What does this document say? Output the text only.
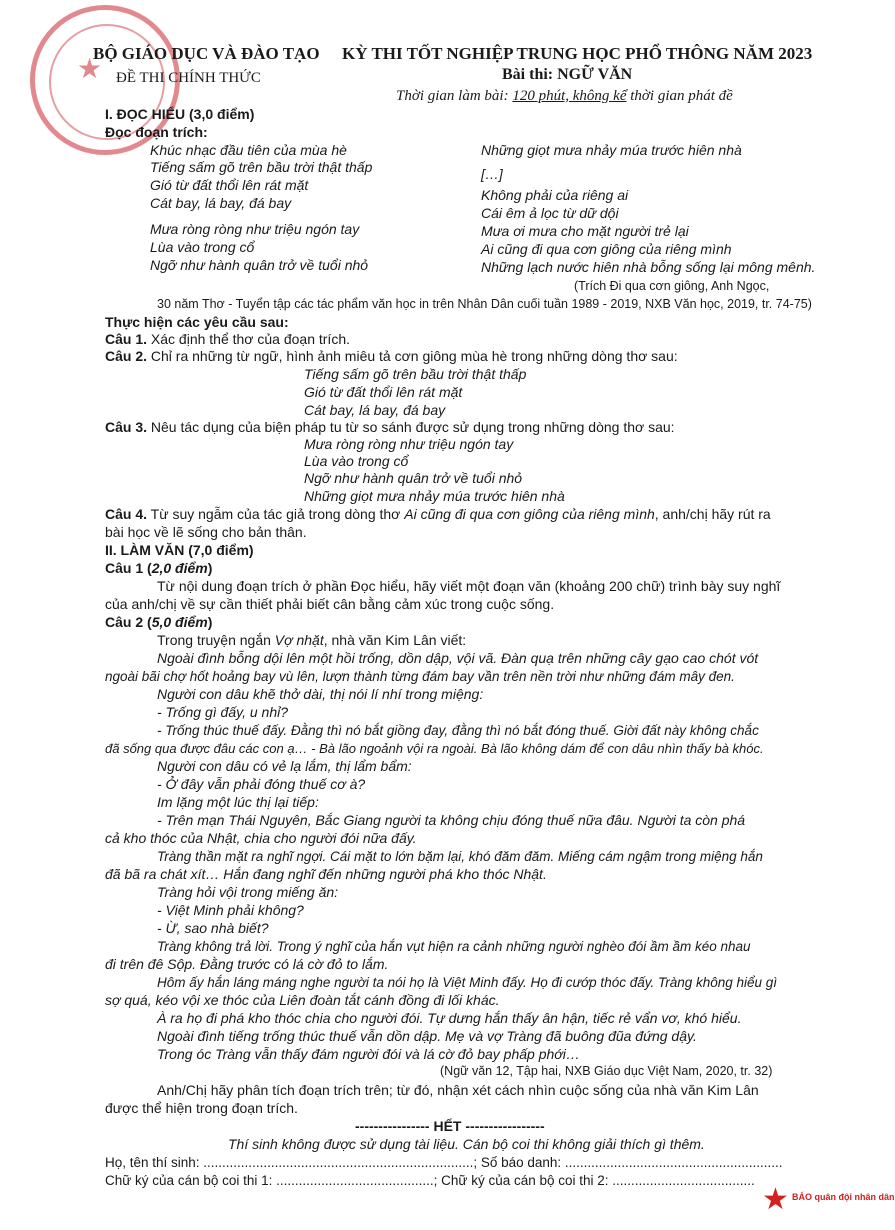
★
BỘ GIÁO DỤC VÀ ĐÀO TẠO
ĐỀ THI CHÍNH THỨC
KỲ THI TỐT NGHIỆP TRUNG HỌC PHỔ THÔNG NĂM 2023
Bài thi: NGỮ VĂN
Thời gian làm bài: 120 phút, không kể thời gian phát đề
I. ĐỌC HIỂU (3,0 điểm)
Đọc đoạn trích:
Khúc nhạc đầu tiên của mùa hè
Tiếng sấm gõ trên bầu trời thật thấp
Gió từ đất thổi lên rát mặt
Cát bay, lá bay, đá bay
Mưa ròng ròng như triệu ngón tay
Lùa vào trong cổ
Ngỡ như hành quân trở về tuổi nhỏ
Những giọt mưa nhảy múa trước hiên nhà
[…]
Không phải của riêng ai
Cái êm ả lọc từ dữ dội
Mưa ơi mưa cho mặt người trẻ lại
Ai cũng đi qua cơn giông của riêng mình
Những lạch nước hiên nhà bỗng sống lại mông mênh.
(Trích Đi qua cơn giông, Anh Ngọc,
30 năm Thơ - Tuyển tập các tác phẩm văn học in trên Nhân Dân cuối tuần 1989 - 2019, NXB Văn học, 2019, tr. 74-75)
Thực hiện các yêu cầu sau:
Câu 1. Xác định thể thơ của đoạn trích.
Câu 2. Chỉ ra những từ ngữ, hình ảnh miêu tả cơn giông mùa hè trong những dòng thơ sau:
Tiếng sấm gõ trên bầu trời thật thấp
Gió từ đất thổi lên rát mặt
Cát bay, lá bay, đá bay
Câu 3. Nêu tác dụng của biện pháp tu từ so sánh được sử dụng trong những dòng thơ sau:
Mưa ròng ròng như triệu ngón tay
Lùa vào trong cổ
Ngỡ như hành quân trở về tuổi nhỏ
Những giọt mưa nhảy múa trước hiên nhà
Câu 4. Từ suy ngẫm của tác giả trong dòng thơ Ai cũng đi qua cơn giông của riêng mình, anh/chị hãy rút ra
bài học về lẽ sống cho bản thân.
II. LÀM VĂN (7,0 điểm)
Câu 1 (2,0 điểm)
Từ nội dung đoạn trích ở phần Đọc hiểu, hãy viết một đoạn văn (khoảng 200 chữ) trình bày suy nghĩ
của anh/chị về sự cần thiết phải biết cân bằng cảm xúc trong cuộc sống.
Câu 2 (5,0 điểm)
Trong truyện ngắn Vợ nhặt, nhà văn Kim Lân viết:
Ngoài đình bỗng dội lên một hồi trống, dồn dập, vội vã. Đàn quạ trên những cây gạo cao chót vót
ngoài bãi chợ hốt hoảng bay vù lên, lượn thành từng đám bay vần trên nền trời như những đám mây đen.
Người con dâu khẽ thở dài, thị nói lí nhí trong miệng:
- Trống gì đấy, u nhỉ?
- Trống thúc thuế đấy. Đằng thì nó bắt giồng đay, đằng thì nó bắt đóng thuế. Giời đất này không chắc
đã sống qua được đâu các con ạ… - Bà lão ngoảnh vội ra ngoài. Bà lão không dám để con dâu nhìn thấy bà khóc.
Người con dâu có vẻ lạ lắm, thị lẩm bẩm:
- Ở đây vẫn phải đóng thuế cơ à?
Im lặng một lúc thị lại tiếp:
- Trên mạn Thái Nguyên, Bắc Giang người ta không chịu đóng thuế nữa đâu. Người ta còn phá
cả kho thóc của Nhật, chia cho người đói nữa đấy.
Tràng thần mặt ra nghĩ ngợi. Cái mặt to lớn bặm lại, khó đăm đăm. Miếng cám ngậm trong miệng hắn
đã bã ra chát xít… Hắn đang nghĩ đến những người phá kho thóc Nhật.
Tràng hỏi vội trong miếng ăn:
- Việt Minh phải không?
- Ừ, sao nhà biết?
Tràng không trả lời. Trong ý nghĩ của hắn vụt hiện ra cảnh những người nghèo đói ầm ầm kéo nhau
đi trên đê Sộp. Đằng trước có lá cờ đỏ to lắm.
Hôm ấy hắn láng máng nghe người ta nói họ là Việt Minh đấy. Họ đi cướp thóc đấy. Tràng không hiểu gì
sợ quá, kéo vội xe thóc của Liên đoàn tắt cánh đồng đi lối khác.
À ra họ đi phá kho thóc chia cho người đói. Tự dưng hắn thấy ân hận, tiếc rẻ vẩn vơ, khó hiểu.
Ngoài đình tiếng trống thúc thuế vẫn dồn dập. Mẹ và vợ Tràng đã buông đũa đứng dậy.
Trong óc Tràng vẫn thấy đám người đói và lá cờ đỏ bay phấp phới…
(Ngữ văn 12, Tập hai, NXB Giáo dục Việt Nam, 2020, tr. 32)
Anh/Chị hãy phân tích đoạn trích trên; từ đó, nhận xét cách nhìn cuộc sống của nhà văn Kim Lân
được thể hiện trong đoạn trích.
---------------- HẾT -----------------
Thí sinh không được sử dụng tài liệu. Cán bộ coi thi không giải thích gì thêm.
Họ, tên thí sinh: ........................................................................; Số báo danh: ..........................................................
Chữ ký của cán bộ coi thi 1: ..........................................; Chữ ký của cán bộ coi thi 2: ......................................
★ BÁO quân đội nhân dân
